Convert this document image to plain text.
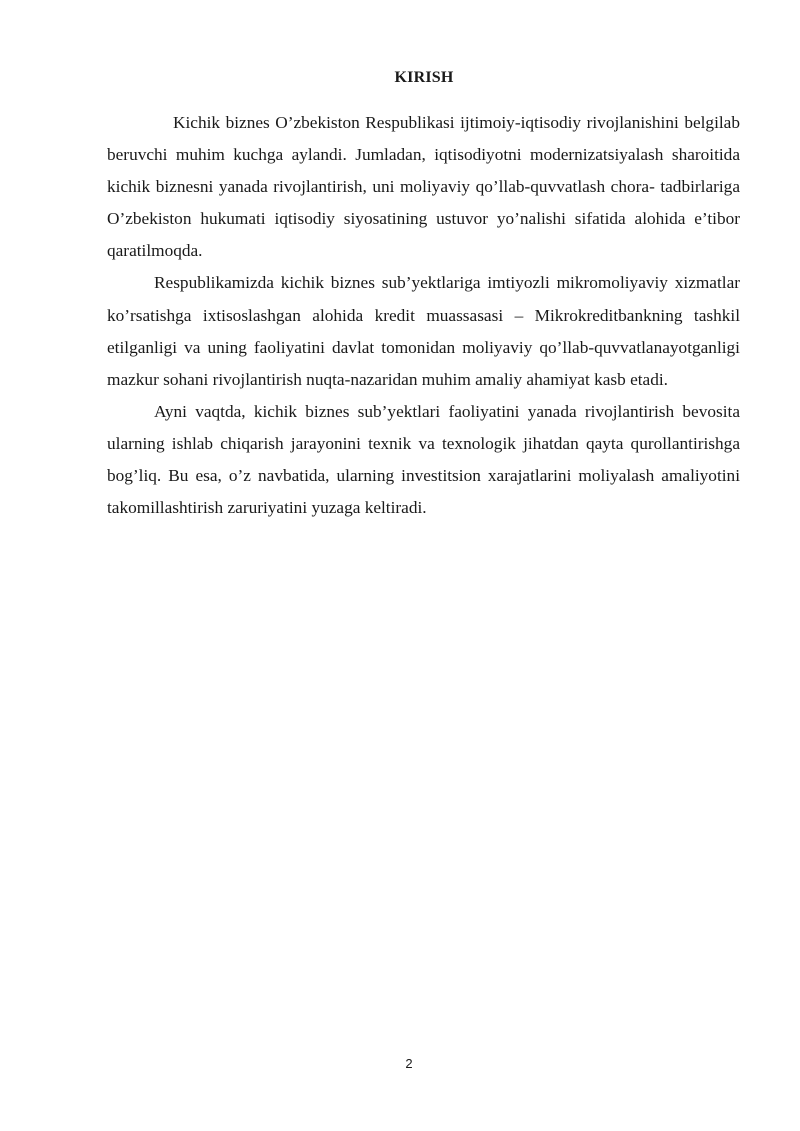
KIRISH

Kichik biznes O’zbekiston Respublikasi ijtimoiy-iqtisodiy rivojlanishini belgilab beruvchi muhim kuchga aylandi. Jumladan, iqtisodiyotni modernizatsiyalash sharoitida kichik biznesni yanada rivojlantirish, uni moliyaviy qo’llab-quvvatlash chora- tadbirlariga O’zbekiston hukumati iqtisodiy siyosatining ustuvor yo’nalishi sifatida alohida e’tibor qaratilmoqda.

Respublikamizda kichik biznes sub’yektlariga imtiyozli mikromoliyaviy xizmatlar ko’rsatishga ixtisoslashgan alohida kredit muassasasi – Mikrokreditbankning tashkil etilganligi va uning faoliyatini davlat tomonidan moliyaviy qo’llab-quvvatlanayotganligi mazkur sohani rivojlantirish nuqta-nazaridan muhim amaliy ahamiyat kasb etadi.

Ayni vaqtda, kichik biznes sub’yektlari faoliyatini yanada rivojlantirish bevosita ularning ishlab chiqarish jarayonini texnik va texnologik jihatdan qayta qurollantirishga bog’liq. Bu esa, o’z navbatida, ularning investitsion xarajatlarini moliyalash amaliyotini takomillashtirish zaruriyatini yuzaga keltiradi.

2
